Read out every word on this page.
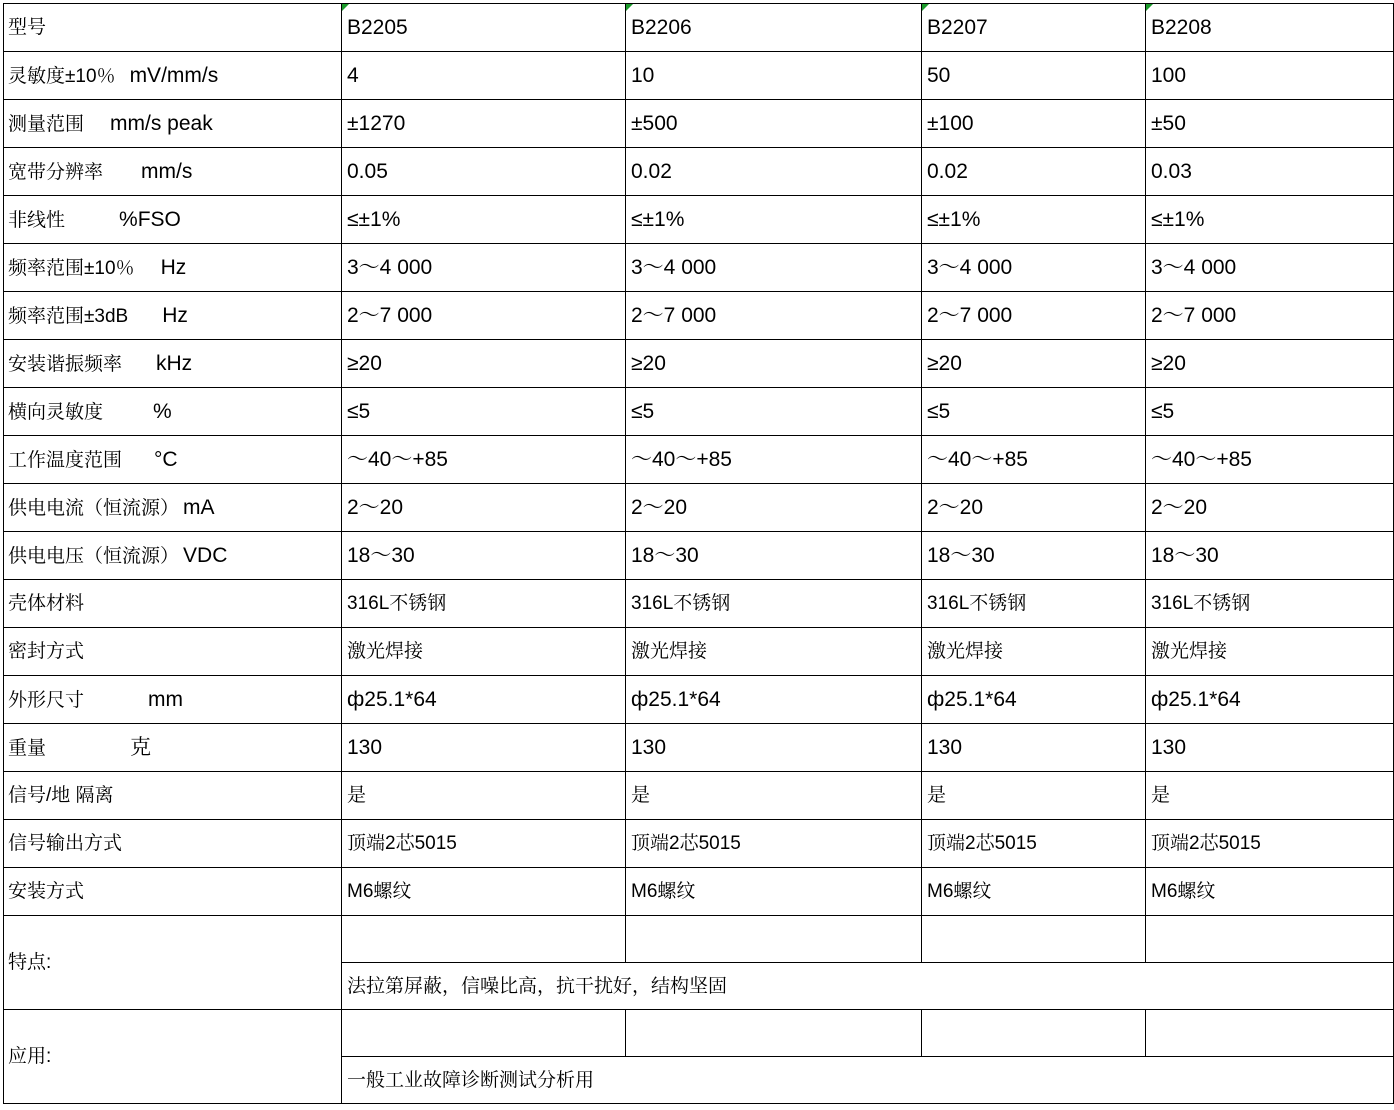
型号	B2205	B2206	B2207	B2208
灵敏度±10％ mV/mm/s	4	10	50	100
测量范围 mm/s peak	±1270	±500	±100	±50
宽带分辨率 mm/s	0.05	0.02	0.02	0.03
非线性 %FSO	≤±1%	≤±1%	≤±1%	≤±1%
频率范围±10％ Hz	3～4 000	3～4 000	3～4 000	3～4 000
频率范围±3dB Hz	2～7 000	2～7 000	2～7 000	2～7 000
安装谐振频率 kHz	≥20	≥20	≥20	≥20
横向灵敏度 %	≤5	≤5	≤5	≤5
工作温度范围 °C	～40～+85	～40～+85	～40～+85	～40～+85
供电电流（恒流源） mA	2～20	2～20	2～20	2～20
供电电压（恒流源） VDC	18～30	18～30	18～30	18～30
壳体材料	316L不锈钢	316L不锈钢	316L不锈钢	316L不锈钢
密封方式	激光焊接	激光焊接	激光焊接	激光焊接
外形尺寸 mm	ф25.1*64	ф25.1*64	ф25.1*64	ф25.1*64
重量 克	130	130	130	130
信号/地 隔离	是	是	是	是
信号输出方式	顶端2芯5015	顶端2芯5015	顶端2芯5015	顶端2芯5015
安装方式	M6螺纹	M6螺纹	M6螺纹	M6螺纹
特点:				
	法拉第屏蔽，信噪比高，抗干扰好，结构坚固			
应用:				
	一般工业故障诊断测试分析用			
